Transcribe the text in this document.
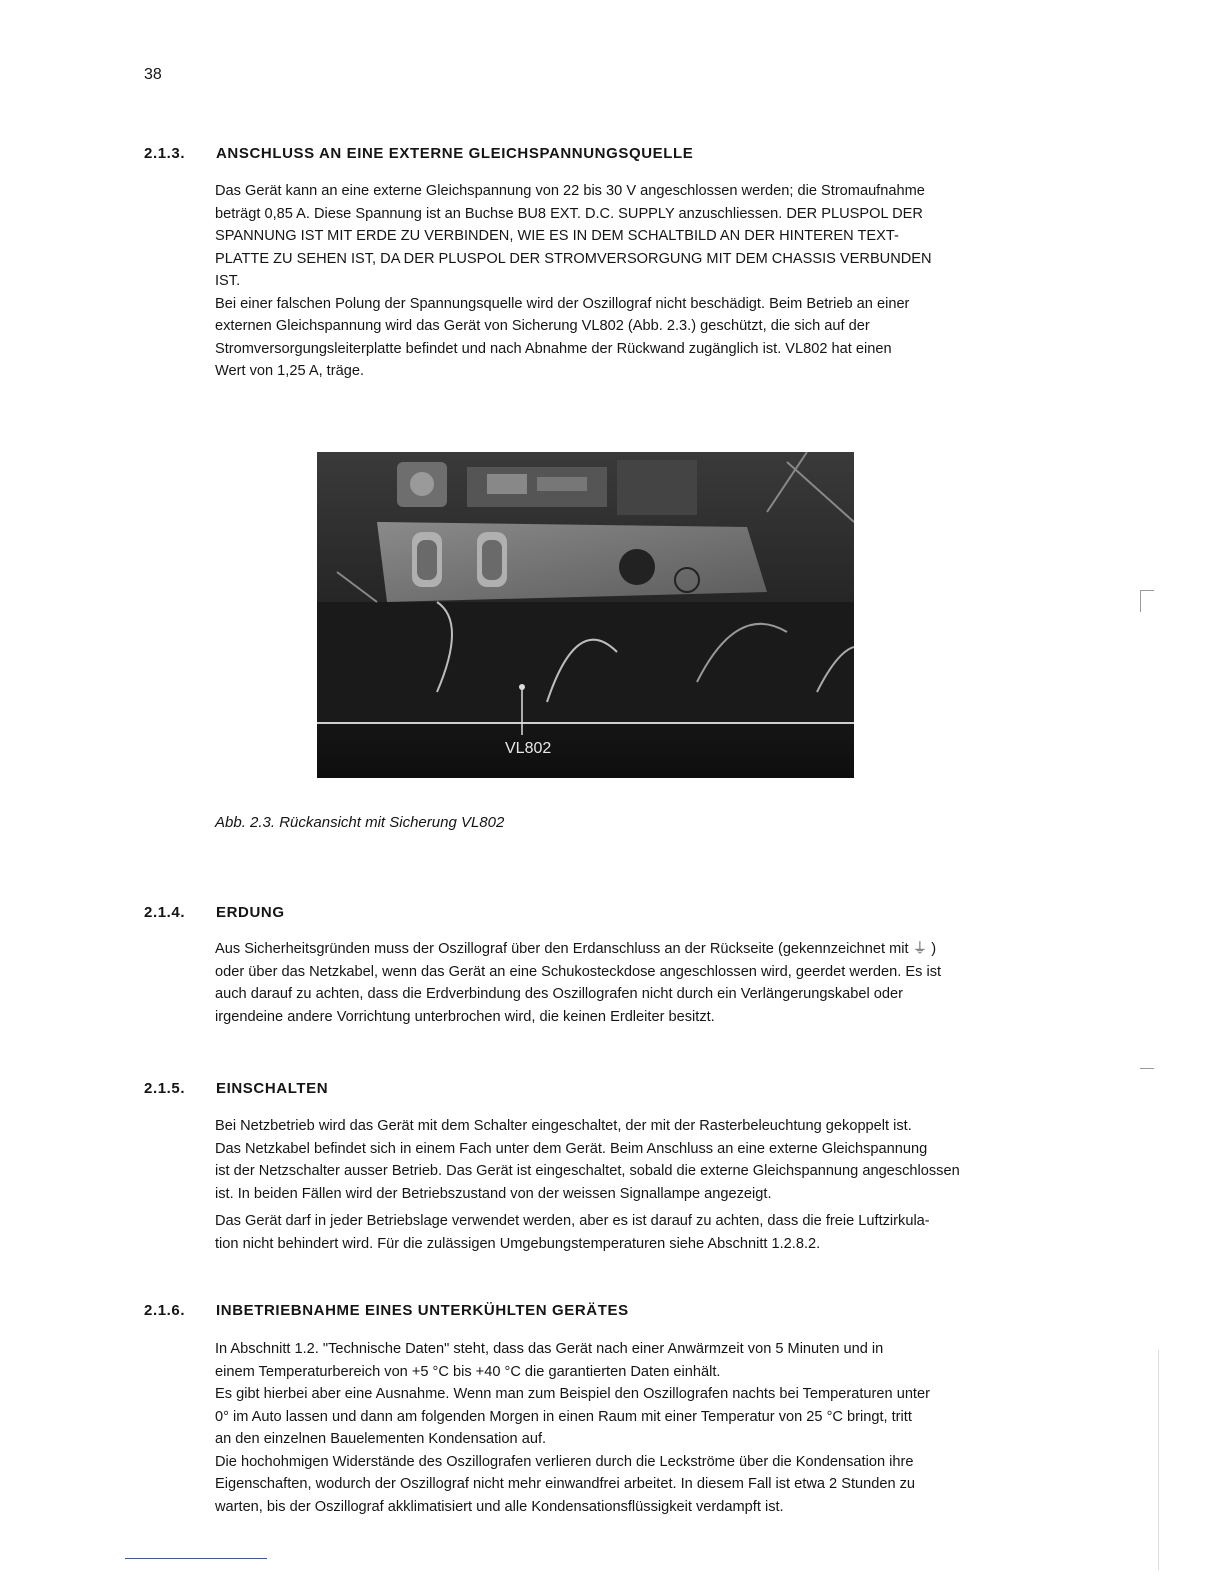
38
2.1.3. ANSCHLUSS AN EINE EXTERNE GLEICHSPANNUNGSQUELLE
Das Gerät kann an eine externe Gleichspannung von 22 bis 30 V angeschlossen werden; die Stromaufnahme
beträgt 0,85 A. Diese Spannung ist an Buchse BU8 EXT. D.C. SUPPLY anzuschliessen. DER PLUSPOL DER
SPANNUNG IST MIT ERDE ZU VERBINDEN, WIE ES IN DEM SCHALTBILD AN DER HINTEREN TEXT-
PLATTE ZU SEHEN IST, DA DER PLUSPOL DER STROMVERSORGUNG MIT DEM CHASSIS VERBUNDEN
IST.
Bei einer falschen Polung der Spannungsquelle wird der Oszillograf nicht beschädigt. Beim Betrieb an einer
externen Gleichspannung wird das Gerät von Sicherung VL802 (Abb. 2.3.) geschützt, die sich auf der
Stromversorgungsleiterplatte befindet und nach Abnahme der Rückwand zugänglich ist. VL802 hat einen
Wert von 1,25 A, träge.
VL802
Abb. 2.3. Rückansicht mit Sicherung VL802
2.1.4. ERDUNG
Aus Sicherheitsgründen muss der Oszillograf über den Erdanschluss an der Rückseite (gekennzeichnet mit ⏚ )
oder über das Netzkabel, wenn das Gerät an eine Schukosteckdose angeschlossen wird, geerdet werden. Es ist
auch darauf zu achten, dass die Erdverbindung des Oszillografen nicht durch ein Verlängerungskabel oder
irgendeine andere Vorrichtung unterbrochen wird, die keinen Erdleiter besitzt.
2.1.5. EINSCHALTEN
Bei Netzbetrieb wird das Gerät mit dem Schalter eingeschaltet, der mit der Rasterbeleuchtung gekoppelt ist.
Das Netzkabel befindet sich in einem Fach unter dem Gerät. Beim Anschluss an eine externe Gleichspannung
ist der Netzschalter ausser Betrieb. Das Gerät ist eingeschaltet, sobald die externe Gleichspannung angeschlossen
ist. In beiden Fällen wird der Betriebszustand von der weissen Signallampe angezeigt.
Das Gerät darf in jeder Betriebslage verwendet werden, aber es ist darauf zu achten, dass die freie Luftzirkula-
tion nicht behindert wird. Für die zulässigen Umgebungstemperaturen siehe Abschnitt 1.2.8.2.
2.1.6. INBETRIEBNAHME EINES UNTERKÜHLTEN GERÄTES
In Abschnitt 1.2. "Technische Daten" steht, dass das Gerät nach einer Anwärmzeit von 5 Minuten und in
einem Temperaturbereich von +5 °C bis +40 °C die garantierten Daten einhält.
Es gibt hierbei aber eine Ausnahme. Wenn man zum Beispiel den Oszillografen nachts bei Temperaturen unter
0° im Auto lassen und dann am folgenden Morgen in einen Raum mit einer Temperatur von 25 °C bringt, tritt
an den einzelnen Bauelementen Kondensation auf.
Die hochohmigen Widerstände des Oszillografen verlieren durch die Leckströme über die Kondensation ihre
Eigenschaften, wodurch der Oszillograf nicht mehr einwandfrei arbeitet. In diesem Fall ist etwa 2 Stunden zu
warten, bis der Oszillograf akklimatisiert und alle Kondensationsflüssigkeit verdampft ist.
